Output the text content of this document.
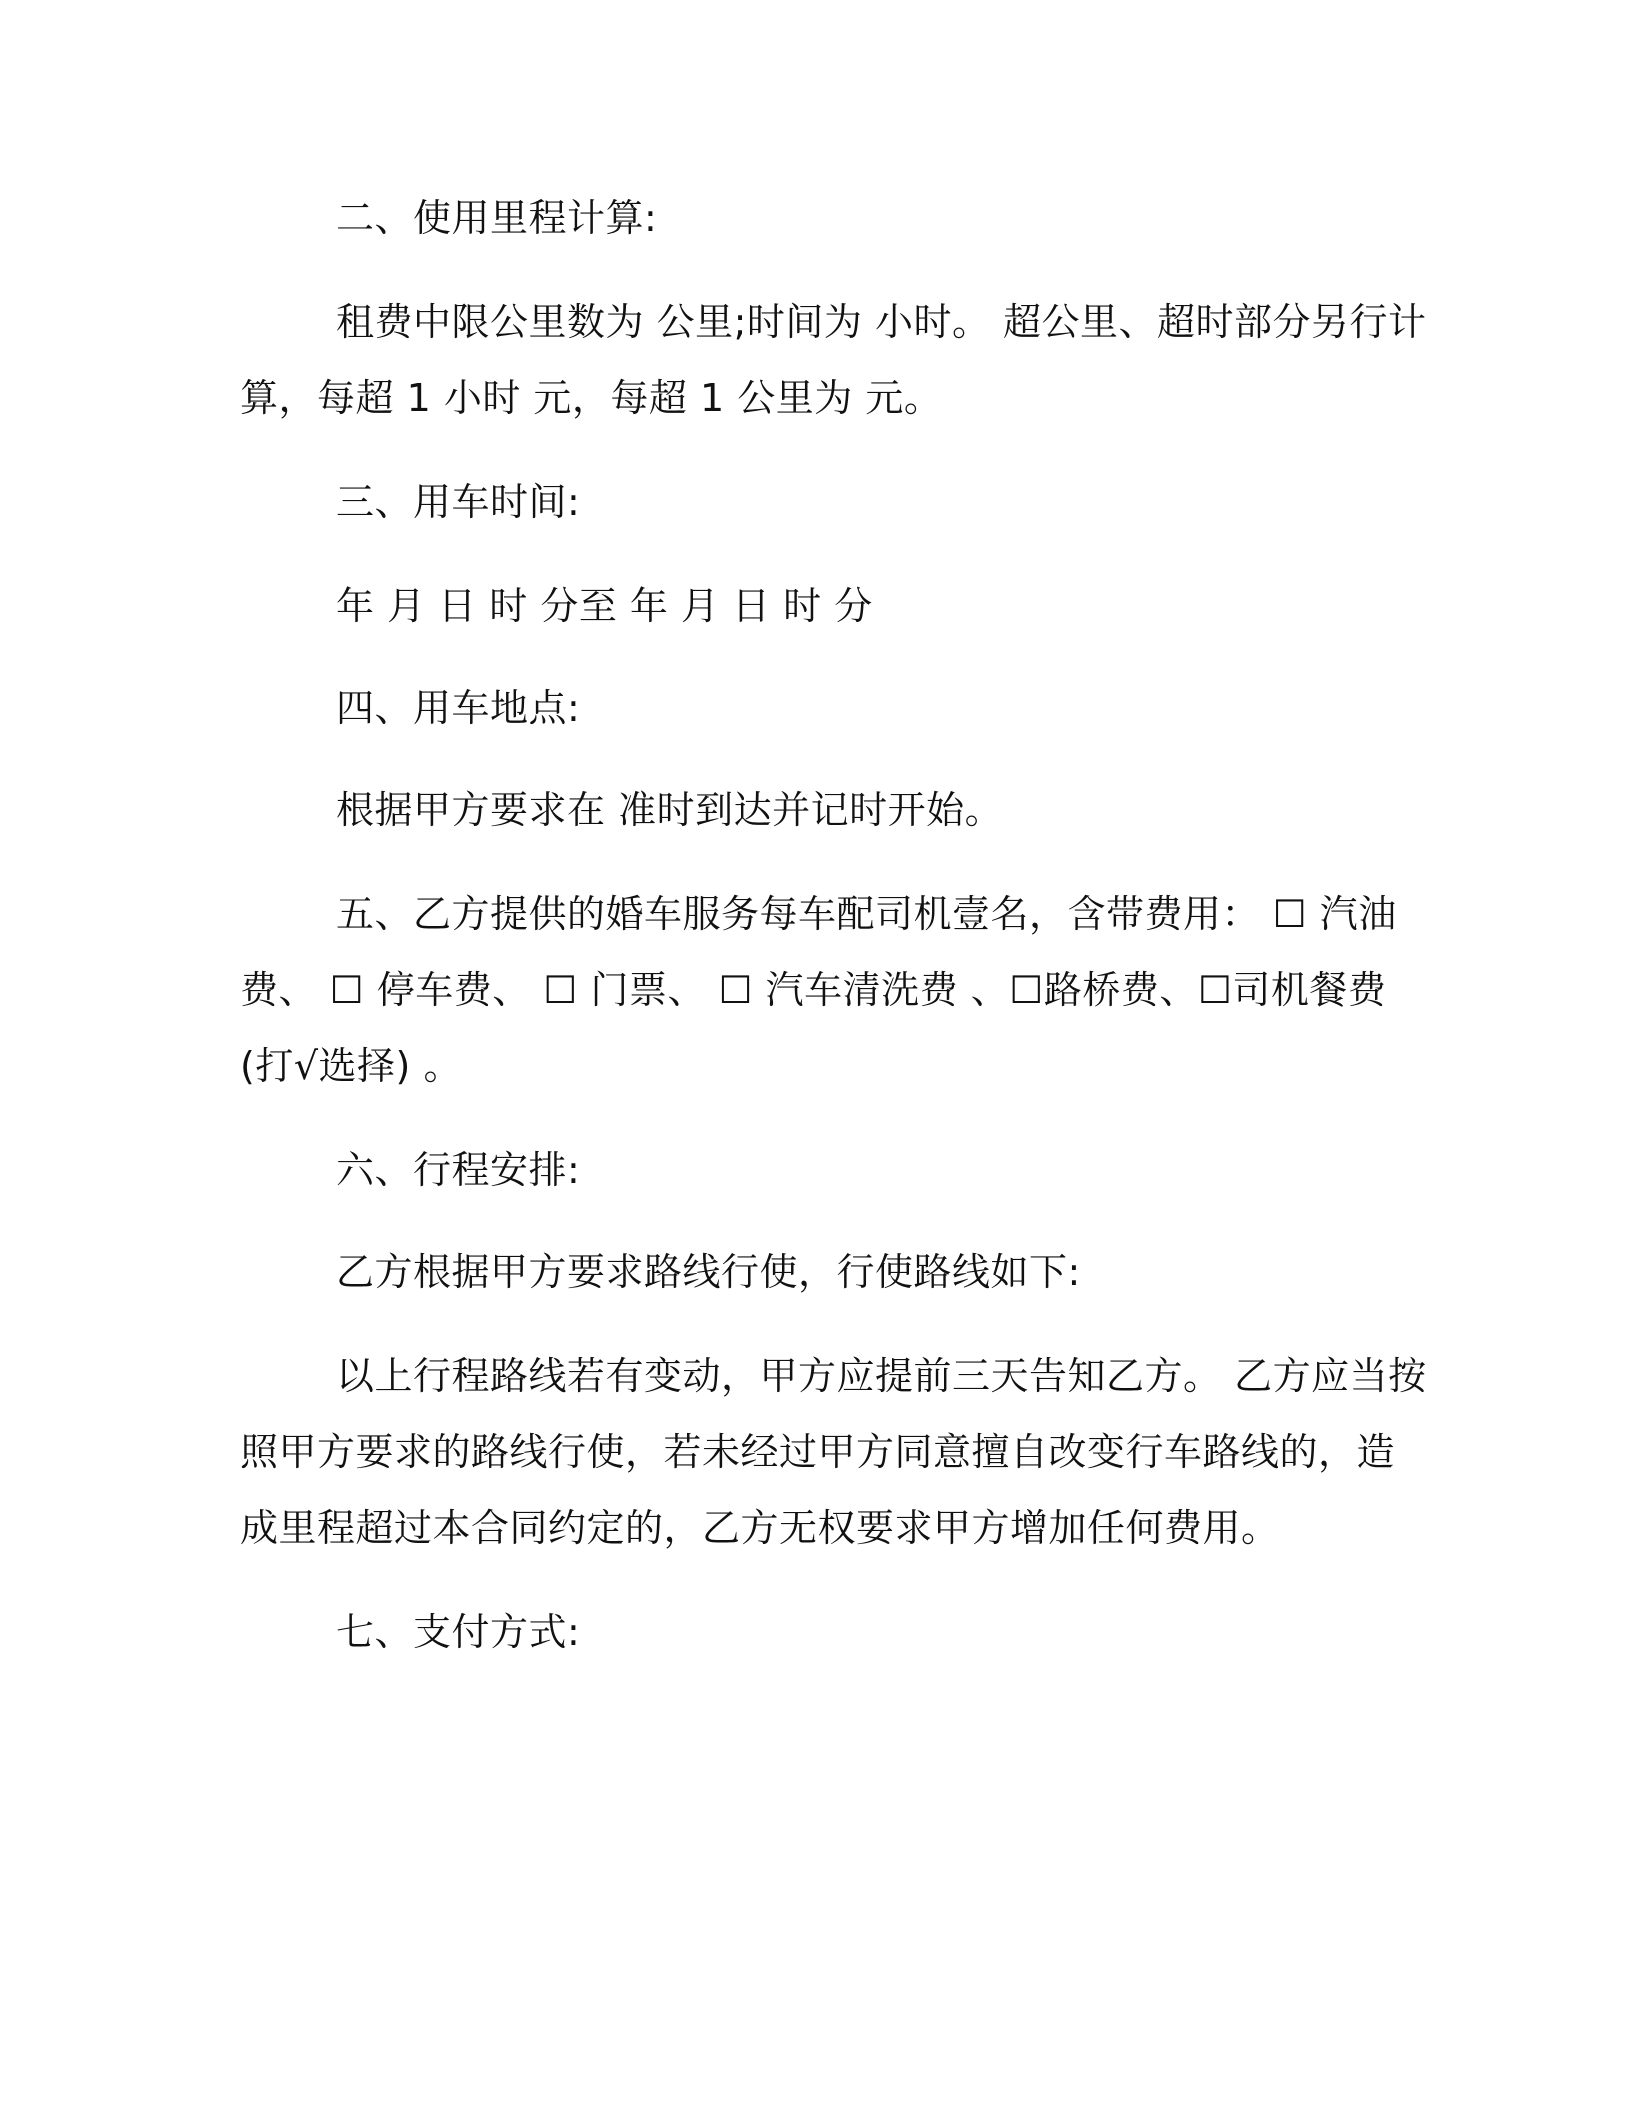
二、使用里程计算:
租费中限公里数为 公里;时间为 小时。 超公里、超时部分另行计
算，每超 1 小时 元，每超 1 公里为 元。
三、用车时间:
年 月 日 时 分至 年 月 日 时 分
四、用车地点:
根据甲方要求在 准时到达并记时开始。
五、乙方提供的婚车服务每车配司机壹名，含带费用： ☐ 汽油
费、 ☐ 停车费、 ☐ 门票、 ☐ 汽车清洗费 、☐路桥费、☐司机餐费
(打√选择) 。
六、行程安排:
乙方根据甲方要求路线行使，行使路线如下:
以上行程路线若有变动，甲方应提前三天告知乙方。 乙方应当按
照甲方要求的路线行使，若未经过甲方同意擅自改变行车路线的，造
成里程超过本合同约定的，乙方无权要求甲方增加任何费用。
七、支付方式:
